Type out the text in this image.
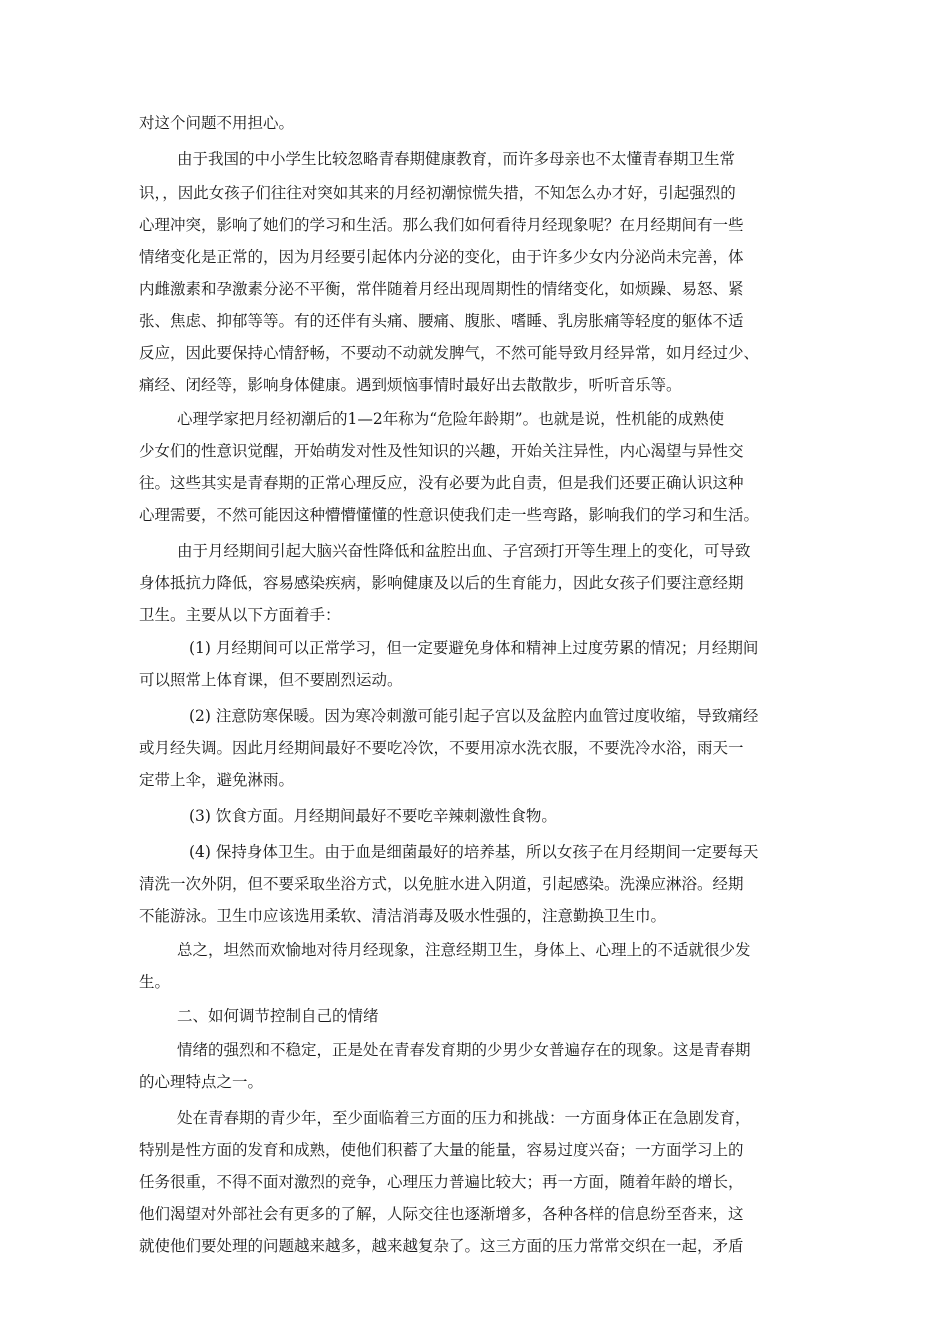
对这个问题不用担心。
由于我国的中小学生比较忽略青春期健康教育，而许多母亲也不太懂青春期卫生常
识，，因此女孩子们往往对突如其来的月经初潮惊慌失措，不知怎么办才好，引起强烈的
心理冲突，影响了她们的学习和生活。那么我们如何看待月经现象呢？在月经期间有一些
情绪变化是正常的，因为月经要引起体内分泌的变化，由于许多少女内分泌尚未完善，体
内雌激素和孕激素分泌不平衡，常伴随着月经出现周期性的情绪变化，如烦躁、易怒、紧
张、焦虑、抑郁等等。有的还伴有头痛、腰痛、腹胀、嗜睡、乳房胀痛等轻度的躯体不适
反应，因此要保持心情舒畅，不要动不动就发脾气，不然可能导致月经异常，如月经过少、
痛经、闭经等，影响身体健康。遇到烦恼事情时最好出去散散步，听听音乐等。
心理学家把月经初潮后的1—2年称为“危险年龄期”。也就是说，性机能的成熟使
少女们的性意识觉醒，开始萌发对性及性知识的兴趣，开始关注异性，内心渴望与异性交
往。这些其实是青春期的正常心理反应，没有必要为此自责，但是我们还要正确认识这种
心理需要，不然可能因这种懵懵懂懂的性意识使我们走一些弯路，影响我们的学习和生活。
由于月经期间引起大脑兴奋性降低和盆腔出血、子宫颈打开等生理上的变化，可导致
身体抵抗力降低，容易感染疾病，影响健康及以后的生育能力，因此女孩子们要注意经期
卫生。主要从以下方面着手：
(1) 月经期间可以正常学习，但一定要避免身体和精神上过度劳累的情况；月经期间
可以照常上体育课，但不要剧烈运动。
(2) 注意防寒保暖。因为寒冷刺激可能引起子宫以及盆腔内血管过度收缩，导致痛经
或月经失调。因此月经期间最好不要吃冷饮，不要用凉水洗衣服，不要洗冷水浴，雨天一
定带上伞，避免淋雨。
(3) 饮食方面。月经期间最好不要吃辛辣刺激性食物。
(4) 保持身体卫生。由于血是细菌最好的培养基，所以女孩子在月经期间一定要每天
清洗一次外阴，但不要采取坐浴方式，以免脏水进入阴道，引起感染。洗澡应淋浴。经期
不能游泳。卫生巾应该选用柔软、清洁消毒及吸水性强的，注意勤换卫生巾。
总之，坦然而欢愉地对待月经现象，注意经期卫生，身体上、心理上的不适就很少发
生。
二、如何调节控制自己的情绪
情绪的强烈和不稳定，正是处在青春发育期的少男少女普遍存在的现象。这是青春期
的心理特点之一。
处在青春期的青少年，至少面临着三方面的压力和挑战：一方面身体正在急剧发育，
特别是性方面的发育和成熟，使他们积蓄了大量的能量，容易过度兴奋；一方面学习上的
任务很重，不得不面对激烈的竞争，心理压力普遍比较大；再一方面，随着年龄的增长，
他们渴望对外部社会有更多的了解，人际交往也逐渐增多，各种各样的信息纷至沓来，这
就使他们要处理的问题越来越多，越来越复杂了。这三方面的压力常常交织在一起，矛盾
